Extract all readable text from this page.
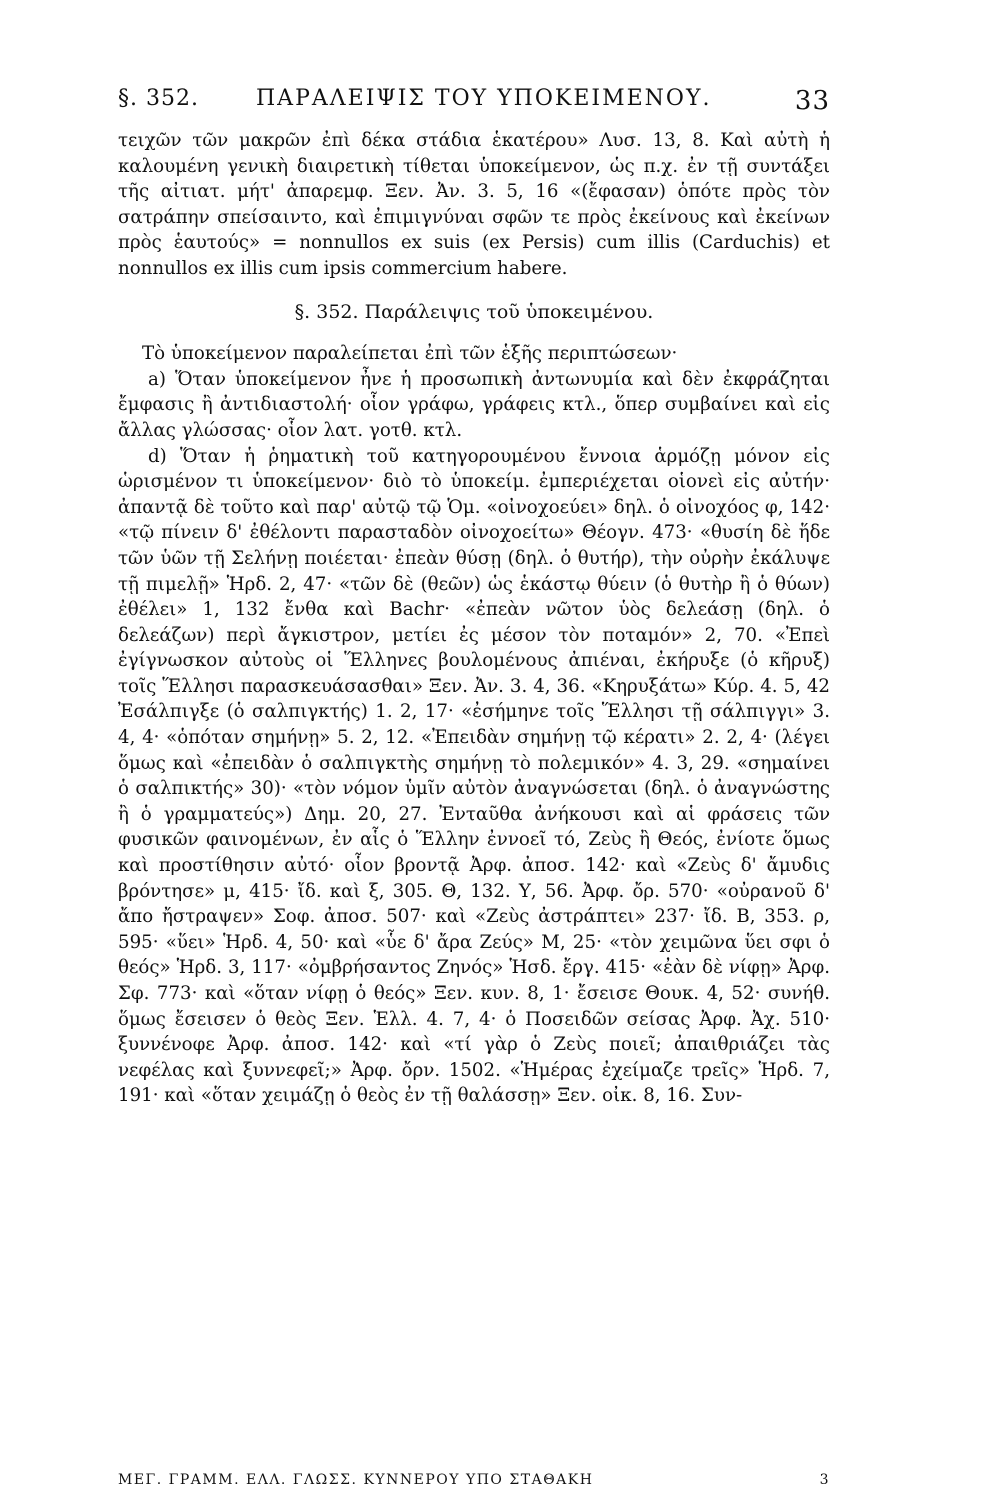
§. 352.	ΠΑΡΑΛΕΙΨΙΣ ΤΟΥ ΥΠΟΚΕΙΜΕΝΟΥ.	33

τειχῶν τῶν μακρῶν ἐπὶ δέκα στάδια ἑκατέρου» Λυσ. 13, 8. Καὶ αὐτὴ ἡ καλουμένη γενικὴ διαιρετικὴ τίθεται ὑποκείμενον, ὡς π.χ. ἐν τῇ συντάξει τῆς αἰτιατ. μήτ' ἀπαρεμφ. Ξεν. Ἀν. 3. 5, 16 «(ἔφασαν) ὁπότε πρὸς τὸν σατράπην σπείσαιντο, καὶ ἐπιμιγνύναι σφῶν τε πρὸς ἐκείνους καὶ ἐκείνων πρὸς ἑαυτούς» = nonnullos ex suis (ex Persis) cum illis (Carduchis) et nonnullos ex illis cum ipsis commercium habere.

§. 352. Παράλειψις τοῦ ὑποκειμένου.

Τὸ ὑποκείμενον παραλείπεται ἐπὶ τῶν ἑξῆς περιπτώσεων·

a) Ὅταν ὑποκείμενον ἦνε ἡ προσωπικὴ ἀντωνυμία καὶ δὲν ἐκφράζηται ἔμφασις ἢ ἀντιδιαστολή· οἷον γράφω, γράφεις κτλ., ὅπερ συμβαίνει καὶ εἰς ἄλλας γλώσσας· οἷον λατ. γοτθ. κτλ.

d) Ὅταν ἡ ῥηματικὴ τοῦ κατηγορουμένου ἔννοια ἁρμόζῃ μόνον εἰς ὡρισμένον τι ὑποκείμενον· διὸ τὸ ὑποκείμ. ἐμπεριέχεται οἱονεὶ εἰς αὐτήν· ἀπαντᾷ δὲ τοῦτο καὶ παρ' αὐτῷ τῷ Ὁμ. «οἰνοχοεύει» δηλ. ὁ οἰνοχόος φ, 142· «τῷ πίνειν δ' ἐθέλοντι παρασταδὸν οἰνοχοείτω» Θέογν. 473· «θυσίη δὲ ἥδε τῶν ὑῶν τῇ Σελήνῃ ποιέεται· ἐπεὰν θύσῃ (δηλ. ὁ θυτήρ), τὴν οὐρὴν ἐκάλυψε τῇ πιμελῇ» Ἡρδ. 2, 47· «τῶν δὲ (θεῶν) ὡς ἑκάστῳ θύειν (ὁ θυτὴρ ἢ ὁ θύων) ἐθέλει» 1, 132 ἔνθα καὶ Bachr· «ἐπεὰν νῶτον ὑὸς δελεάσῃ (δηλ. ὁ δελεάζων) περὶ ἄγκιστρον, μετίει ἐς μέσον τὸν ποταμόν» 2, 70. «Ἐπεὶ ἐγίγνωσκον αὐτοὺς οἱ Ἕλληνες βουλομένους ἀπιέναι, ἐκήρυξε (ὁ κῆρυξ) τοῖς Ἕλλησι παρασκευάσασθαι» Ξεν. Ἀν. 3. 4, 36. «Κηρυξάτω» Κύρ. 4. 5, 42 Ἐσάλπιγξε (ὁ σαλπιγκτής) 1. 2, 17· «ἐσήμηνε τοῖς Ἕλλησι τῇ σάλπιγγι» 3. 4, 4· «ὁπόταν σημήνῃ» 5. 2, 12. «Ἐπειδὰν σημήνῃ τῷ κέρατι» 2. 2, 4· (λέγει ὅμως καὶ «ἐπειδὰν ὁ σαλπιγκτὴς σημήνῃ τὸ πολεμικόν» 4. 3, 29. «σημαίνει ὁ σαλπικτής» 30)· «τὸν νόμον ὑμῖν αὐτὸν ἀναγνώσεται (δηλ. ὁ ἀναγνώστης ἢ ὁ γραμματεύς») Δημ. 20, 27. Ἐνταῦθα ἀνήκουσι καὶ αἱ φράσεις τῶν φυσικῶν φαινομένων, ἐν αἷς ὁ Ἕλλην ἐννοεῖ τό, Ζεὺς ἢ Θεός, ἐνίοτε ὅμως καὶ προστίθησιν αὐτό· οἷον βροντᾷ Ἀρφ. ἀποσ. 142· καὶ «Ζεὺς δ' ἄμυδις βρόντησε» μ, 415· ἴδ. καὶ ξ, 305. Θ, 132. Υ, 56. Ἀρφ. ὄρ. 570· «οὐρανοῦ δ' ἄπο ἤστραψεν» Σοφ. ἀποσ. 507· καὶ «Ζεὺς ἀστράπτει» 237· ἴδ. Β, 353. ρ, 595· «ὕει» Ἡρδ. 4, 50· καὶ «ὗε δ' ἄρα Ζεύς» Μ, 25· «τὸν χειμῶνα ὕει σφι ὁ θεός» Ἡρδ. 3, 117· «ὀμβρήσαντος Ζηνός» Ἡσδ. ἔργ. 415· «ἐὰν δὲ νίφῃ» Ἀρφ. Σφ. 773· καὶ «ὅταν νίφῃ ὁ θεός» Ξεν. κυν. 8, 1· ἔσεισε Θουκ. 4, 52· συνήθ. ὅμως ἔσεισεν ὁ θεὸς Ξεν. Ἑλλ. 4. 7, 4· ὁ Ποσειδῶν σείσας Ἀρφ. Ἀχ. 510· ξυννένοφε Ἀρφ. ἀποσ. 142· καὶ «τί γὰρ ὁ Ζεὺς ποιεῖ; ἀπαιθριάζει τὰς νεφέλας καὶ ξυννεφεῖ;» Ἀρφ. ὄρν. 1502. «Ἡμέρας ἐχείμαζε τρεῖς» Ἡρδ. 7, 191· καὶ «ὅταν χειμάζῃ ὁ θεὸς ἐν τῇ θαλάσσῃ» Ξεν. οἰκ. 8, 16. Συν-

ΜΕΓ. ΓΡΑΜΜ. ΕΛΛ. ΓΛΩΣΣ. ΚΥΝΝΕΡΟΥ ΥΠΟ ΣΤΑΘΑΚΗ	3
